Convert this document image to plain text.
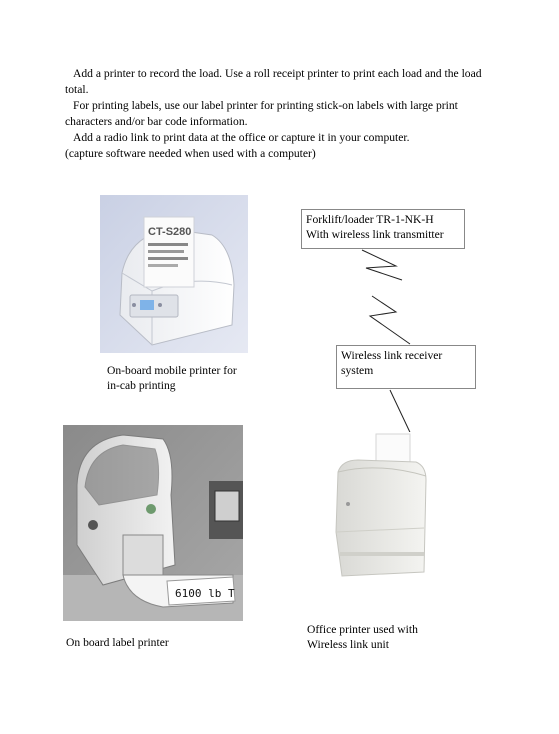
Add a printer to record the load. Use a roll receipt printer to print each load and the load total.

For printing labels, use our label printer for printing stick-on labels with large print characters and/or bar code information.

Add a radio link to print data at the office or capture it in your computer.

(capture software needed when used with a computer)

CT-S280
On-board mobile printer for
in-cab printing
Forklift/loader TR-1-NK-H
With wireless link transmitter
Wireless link receiver
system
6100 lb T
On board label printer
Office printer used with
Wireless link unit
